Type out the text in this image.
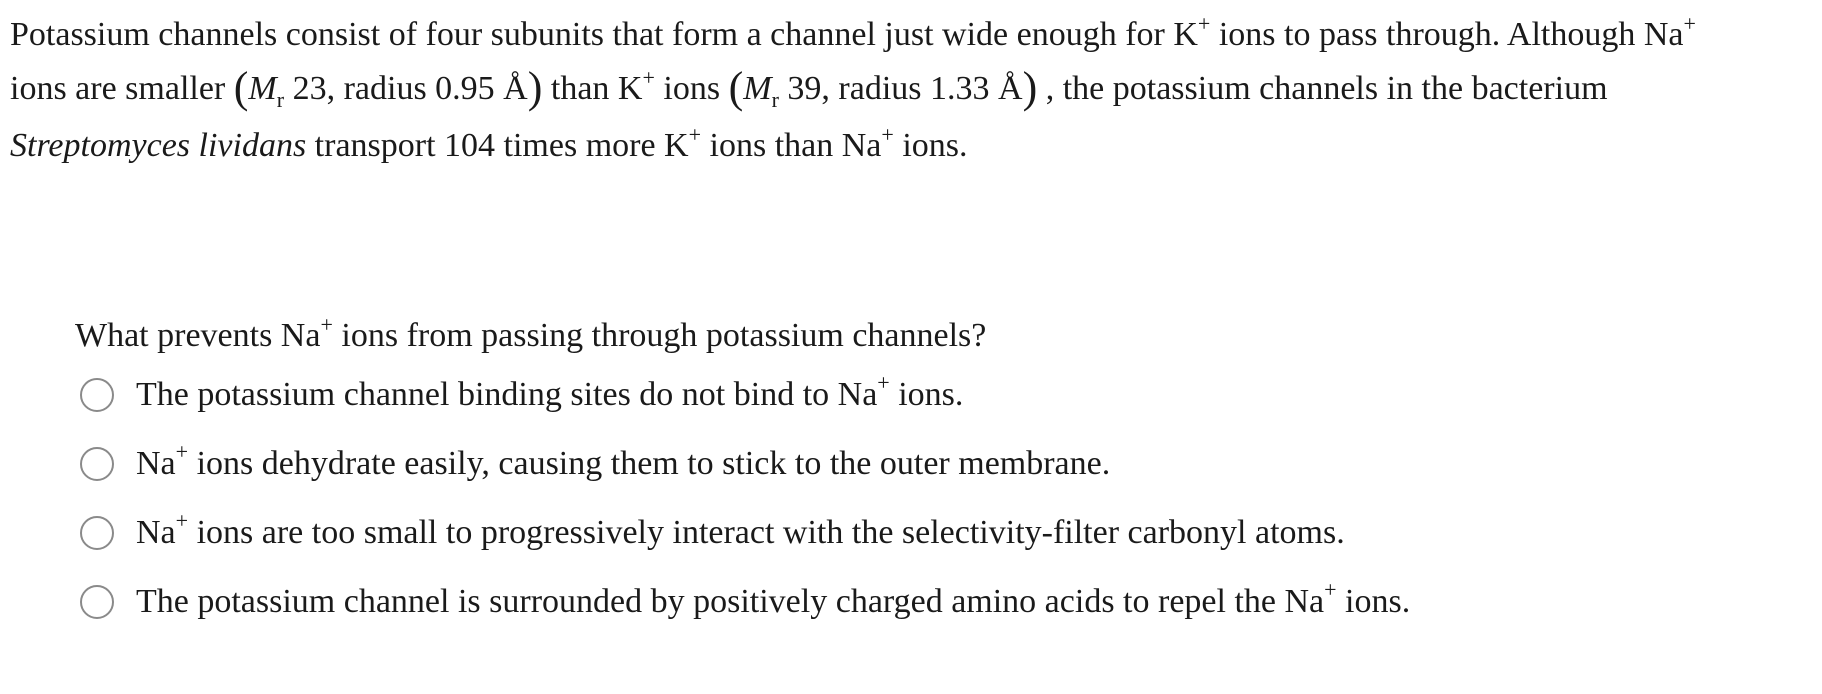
Potassium channels consist of four subunits that form a channel just wide enough for K+ ions to pass through. Although Na+
ions are smaller ($M_r$ 23, radius 0.95 Å) than K+ ions ($M_r$ 39, radius 1.33 Å) , the potassium channels in the bacterium
Streptomyces lividans transport 104 times more K+ ions than Na+ ions.
What prevents Na+ ions from passing through potassium channels?
The potassium channel binding sites do not bind to Na+ ions.
Na+ ions dehydrate easily, causing them to stick to the outer membrane.
Na+ ions are too small to progressively interact with the selectivity-filter carbonyl atoms.
The potassium channel is surrounded by positively charged amino acids to repel the Na+ ions.
